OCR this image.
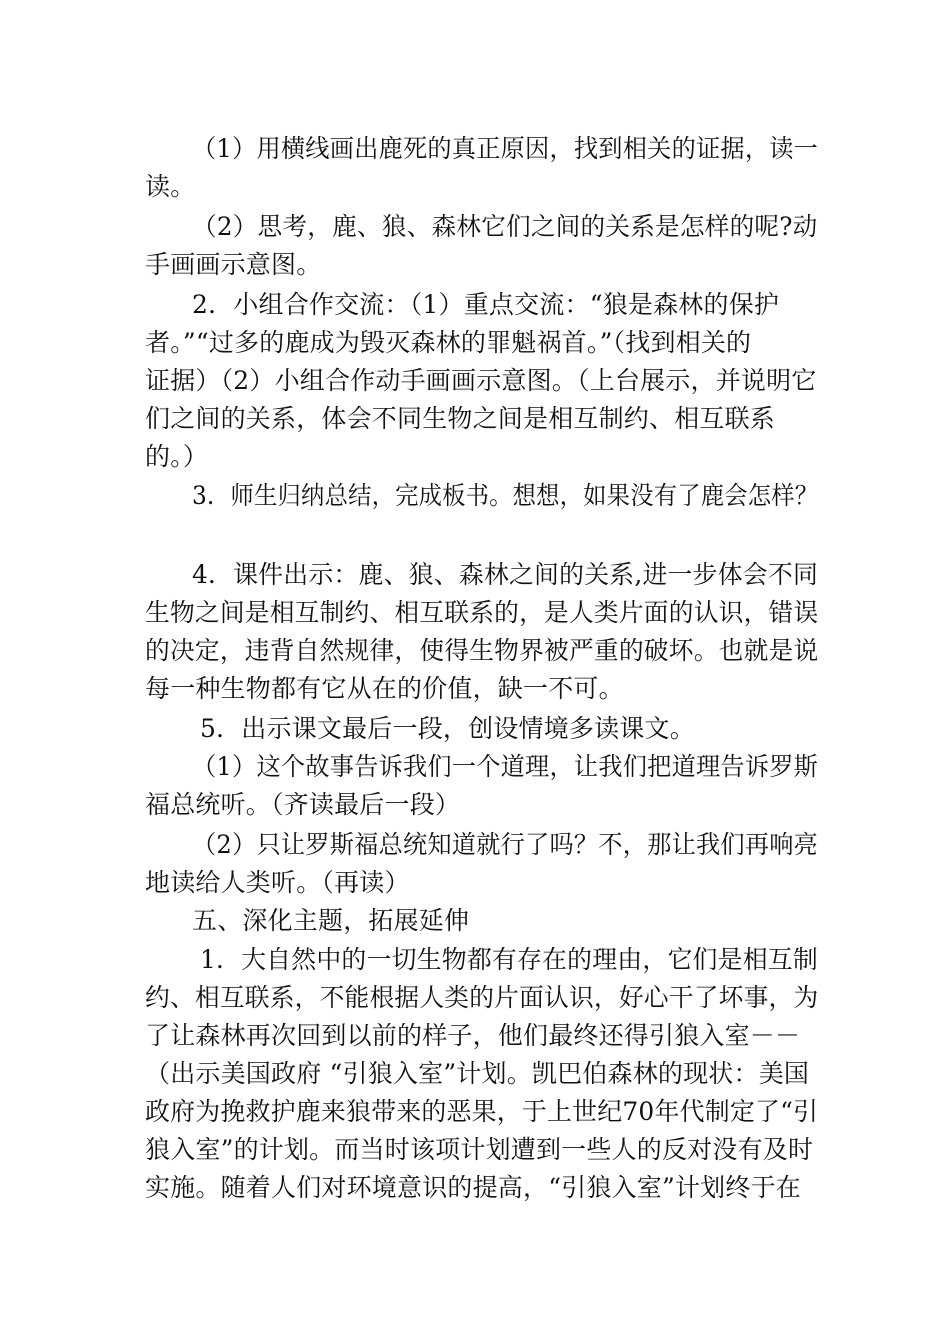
（1）用横线画出鹿死的真正原因，找到相关的证据，读一
读。
（2）思考，鹿、狼、森林它们之间的关系是怎样的呢?动
手画画示意图。
2．小组合作交流：（1）重点交流：“狼是森林的保护
者。”“过多的鹿成为毁灭森林的罪魁祸首。”（找到相关的
证据）（2）小组合作动手画画示意图。（上台展示，并说明它
们之间的关系，体会不同生物之间是相互制约、相互联系
的。）
3．师生归纳总结，完成板书。想想，如果没有了鹿会怎样？
4．课件出示：鹿、狼、森林之间的关系,进一步体会不同
生物之间是相互制约、相互联系的，是人类片面的认识，错误
的决定，违背自然规律，使得生物界被严重的破坏。也就是说
每一种生物都有它从在的价值，缺一不可。
5．出示课文最后一段，创设情境多读课文。
（1）这个故事告诉我们一个道理，让我们把道理告诉罗斯
福总统听。（齐读最后一段）
（2）只让罗斯福总统知道就行了吗？不，那让我们再响亮
地读给人类听。（再读）
五、深化主题，拓展延伸
1．大自然中的一切生物都有存在的理由，它们是相互制
约、相互联系，不能根据人类的片面认识，好心干了坏事，为
了让森林再次回到以前的样子，他们最终还得引狼入室－－
（出示美国政府 “引狼入室”计划。凯巴伯森林的现状：美国
政府为挽救护鹿来狼带来的恶果，于上世纪70年代制定了“引
狼入室”的计划。而当时该项计划遭到一些人的反对没有及时
实施。随着人们对环境意识的提高，“引狼入室”计划终于在
